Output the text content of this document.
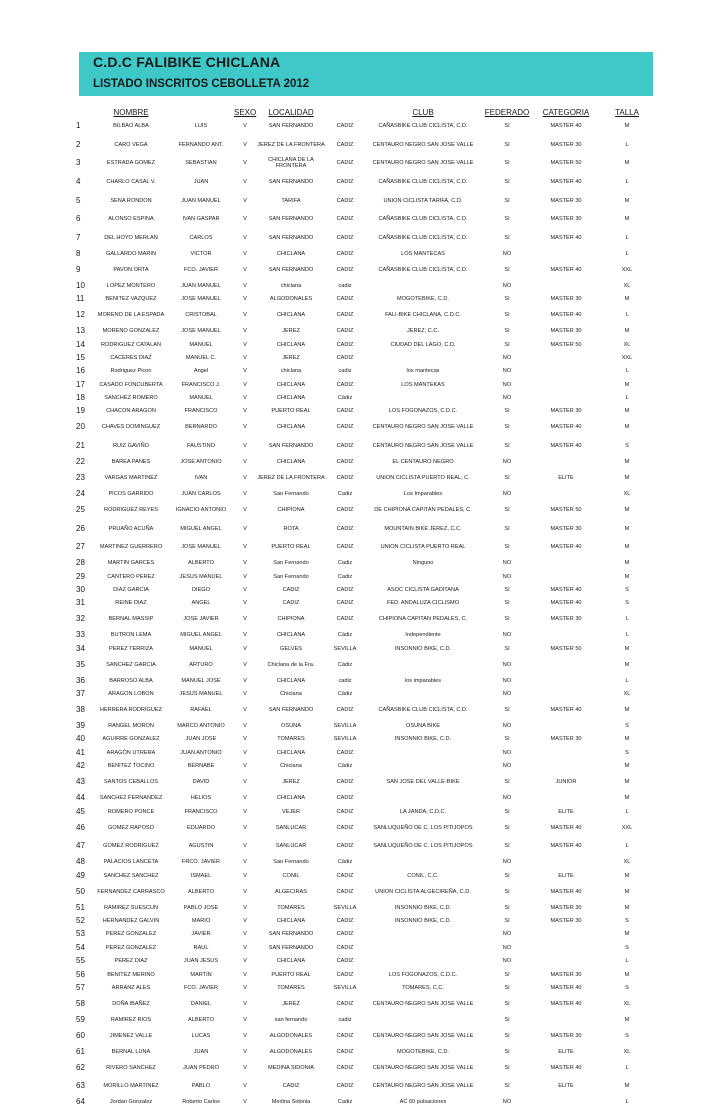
C.D.C FALIBIKE CHICLANA
LISTADO INSCRITOS CEBOLLETA 2012
	NOMBRE		SEXO	LOCALIDAD		CLUB	FEDERADO	CATEGORIA	TALLA
1	BILBAO ALBA	LUIS	V	SAN FERNANDO	CADIZ	CAÑASBIKE CLUB CICLISTA, C.D.	SI	MASTER 40	M
2	CARO VEGA	FERNANDO ANT.	V	JEREZ DE LA FRONTERA	CADIZ	CENTAURO NEGRO SAN JOSE VALLE	SI	MASTER 30	L
3	ESTRADA GOMEZ	SEBASTIAN	V	CHICLANA DE LA FRONTERA	CADIZ	CENTAURO NEGRO SAN JOSE VALLE	SI	MASTER 50	M
4	CHARLO CASAL V.	JUAN	V	SAN FERNANDO	CADIZ	CAÑASBIKE CLUB CICLISTA, C.D.	SI	MASTER 40	L
5	SENA RONDON	JUAN MANUEL	V	TARIFA	CADIZ	UNION CICLISTA TARIFA, C.D.	SI	MASTER 30	M
6	ALONSO ESPINA	IVAN GASPAR	V	SAN FERNANDO	CADIZ	CAÑASBIKE CLUB CICLISTA, C.D.	SI	MASTER 30	M
7	DEL HOYO MERLAN	CARLOS	V	SAN FERNANDO	CADIZ	CAÑASBIKE CLUB CICLISTA, C.D.	SI	MASTER 40	L
8	GALLARDO MARIN	VICTOR	V	CHICLANA	CADIZ	LOS MANTECAS	NO		L
9	PAVON ORTA	FCO. JAVIER	V	SAN FERNANDO	CADIZ	CAÑASBIKE CLUB CICLISTA, C.D.	SI	MASTER 40	XXL
10	LOPEZ MONTERO	JUAN MANUEL	V	chiclana	cadiz		NO		XL
11	BENITEZ VAZQUEZ	JOSE MANUEL	V	ALGODONALES	CADIZ	MOGOTEBIKE, C.D.	SI	MASTER 30	M
12	MORENO DE LA ESPADA	CRISTOBAL	V	CHICLANA	CADIZ	FALI-BIKE CHICLANA, C.D.C.	SI	MASTER 40	L
13	MORENO GONZALEZ	JOSE MANUEL	V	JEREZ	CADIZ	JEREZ, C.C.	SI	MASTER 30	M
14	RODRIGUEZ CATALAN	MANUEL	V	CHICLANA	CADIZ	CIUDAD DEL LAGO, C.D.	SI	MASTER 50	XL
15	CACERES DIAZ	MANUEL C.	V	JEREZ	CADIZ		NO		XXL
16	Rodriguez Picon	Angel	V	chiclana	cadiz	los mantecas	NO		L
17	CASADO FONCUBERTA	FRANCISCO J.	V	CHICLANA	CADIZ	LOS MANTEKAS	NO		M
18	SANCHEZ ROMERO	MANUEL	V	CHICLANA	Cádiz		NO		L
19	CHACON ARAGON	FRANCISCO	V	PUERTO REAL	CADIZ	LOS FOGONAZOS, C.D.C.	SI	MASTER 30	M
20	CHAVES DOMINGUEZ	BERNARDO	V	CHICLANA	CADIZ	CENTAURO NEGRO SAN JOSE VALLE	SI	MASTER 40	M
21	RUIZ GAVIÑO	FAUSTINO	V	SAN FERNANDO	CADIZ	CENTAURO NEGRO SAN JOSE VALLE	SI	MASTER 40	S
22	BAREA PANES	JOSE ANTONIO	V	CHICLANA	CADIZ	EL CENTAURO NEGRO	NO		M
23	VARGAS MARTINEZ	IVAN	V	JEREZ DE LA FRONTERA	CADIZ	UNION CICLISTA PUERTO REAL, C.	SI	ELITE	M
24	PICOS GARRIDO	JUAN CARLOS	V	San Fernando	Cadiz	Los Imparables	NO		XL
25	RODRIGUEZ REYES	IGNACIO ANTONIO	V	CHIPIONA	CADIZ	DE CHIPIONA CAPITAN PEDALES, C.	SI	MASTER 50	M
26	PRUAÑO ACUÑA	MIGUEL ANGEL	V	ROTA	CADIZ	MOUNTAIN BIKE JEREZ, C.C.	SI	MASTER 30	M
27	MARTINEZ GUERRERO	JOSE MANUEL	V	PUERTO REAL	CADIZ	UNION CICLISTA PUERTO REAL	SI	MASTER 40	M
28	MARTIN GARCES	ALBERTO	V	San Fernando	Cadiz	Ninguno	NO		M
29	CANTERO PEREZ	JESUS MANUEL	V	San Fernando	Cadiz		NO		M
30	DIAZ GARCIA	DIEGO	V	CADIZ	CADIZ	ASOC CICLISTA GADITANA	SI	MASTER 40	S
31	REINE DIAZ	ANGEL	V	CADIZ	CADIZ	FED. ANDALUZA CICLISMO	SI	MASTER 40	S
32	BERNAL MASSIP	JOSE JAVIER	V	CHIPIONA	CADIZ	CHIPIONA CAPITAN PEDALES, C.	SI	MASTER 30	L
33	BUTRON LEMA	MIGUEL ANGEL	V	CHICLANA	Cádiz	Independiente	NO		L
34	PEREZ TERRIZA	MANUEL	V	GELVES	SEVILLA	INSONNIO BIKE, C.D.	SI	MASTER 50	M
35	SANCHEZ GARCIA	ARTURO	V	Chiclana de la Fra.	Cádiz		NO		M
36	BARROSO ALBA	MANUEL JOSE	V	CHICLANA	cadiz	los imparables	NO		L
37	ARAGON LOBON	JESUS MANUEL	V	Chiclana	Cádiz		NO		XL
38	HERRERA RODRIGUEZ	RAFAEL	V	SAN FERNANDO	CADIZ	CAÑASBIKE CLUB CICLISTA, C.D.	SI	MASTER 40	M
39	RANGEL MORON	MARCO ANTONIO	V	OSUNA	SEVILLA	OSUNA BIKE	NO		S
40	AGUIRRE GONZALEZ	JUAN JOSE	V	TOMARES	SEVILLA	INSONNIO BIKE, C.D.	SI	MASTER 30	M
41	ARAGÓN UTRERA	JUAN ANTONIO	V	CHICLANA	CADIZ		NO		S
42	BENITEZ TOCINO	BERNABE	V	Chiclana	Cádiz		NO		M
43	SANTOS CEBALLOS	DAVID	V	JEREZ	CADIZ	SAN JOSE DEL VALLE-BIKE	SI	JUNIOR	M
44	SANCHEZ FERNANDEZ	HELIOS	V	CHICLANA	CADIZ		NO		M
45	ROMERO PONCE	FRANCISCO	V	VEJER	CADIZ	LA JANDA, C.D.C.	SI	ELITE	L
46	GOMEZ RAPOSO	EDUARDO	V	SANLUCAR	CADIZ	SANLUQUEÑO DE C. LOS PITIJOPOS	SI	MASTER 40	XXL
47	GOMEZ RODRIGUEZ	AGUSTIN	V	SANLUCAR	CADIZ	SANLUQUEÑO DE C. LOS PITIJOPOS	SI	MASTER 40	L
48	PALACIOS LANCETA	FRCO. JAVIER	V	San Fernando	Cádiz		NO		XL
49	SANCHEZ SANCHEZ	ISMAEL	V	CONIL	CADIZ	CONIL, C.C.	SI	ELITE	M
50	FERNANDEZ CARRASCO	ALBERTO	V	ALGECIRAS	CADIZ	UNION CICLISTA ALGECIREÑA, C.D.	SI	MASTER 40	M
51	RAMIREZ SUESCUN	PABLO JOSE	V	TOMARES	SEVILLA	INSONNIO BIKE, C.D.	SI	MASTER 30	M
52	HERNANDEZ GALVIN	MARIO	V	CHICLANA	CADIZ	INSONNIO BIKE, C.D.	SI	MASTER 30	S
53	PEREZ GONZALEZ	JAVIER	V	SAN FERNANDO	CADIZ		NO		M
54	PEREZ GONZALEZ	RAUL	V	SAN FERNANDO	CADIZ		NO		S
55	PEREZ DIAZ	JUAN JESUS	V	CHICLANA	CADIZ		NO		L
56	BENITEZ MERINO	MARTIN	V	PUERTO REAL	CADIZ	LOS FOGONAZOS, C.D.C.	SI	MASTER 30	M
57	ARRANZ ALES	FCO. JAVIER	V	TOMARES	SEVILLA	TOMARES, C.C.	SI	MASTER 40	S
58	DOÑA IBAÑEZ	DANIEL	V	JEREZ	CADIZ	CENTAURO NEGRO SAN JOSE VALLE	SI	MASTER 40	XL
59	RAMIREZ RIOS	ALBERTO	V	san fernando	cadiz		SI		M
60	JIMENEZ VALLE	LUCAS	V	ALGODONALES	CADIZ	CENTAURO NEGRO SAN JOSE VALLE	SI	MASTER 30	S
61	BERNAL LUNA	JUAN	V	ALGODONALES	CADIZ	MOGOTEBIKE, C.D.	SI	ELITE	XL
62	RIVERO SANCHEZ	JUAN PEDRO	V	MEDINA SIDONIA	CADIZ	CENTAURO NEGRO SAN JOSE VALLE	SI	MASTER 40	L
63	MORILLO MARTINEZ	PABLO	V	CADIZ	CADIZ	CENTAURO NEGRO SAN JOSE VALLE	SI	ELITE	M
64	Jordan Gonzalez	Roberto Carlos	V	Medina Sidonia	Cadiz	AC 60 pulsaciones	NO		L
